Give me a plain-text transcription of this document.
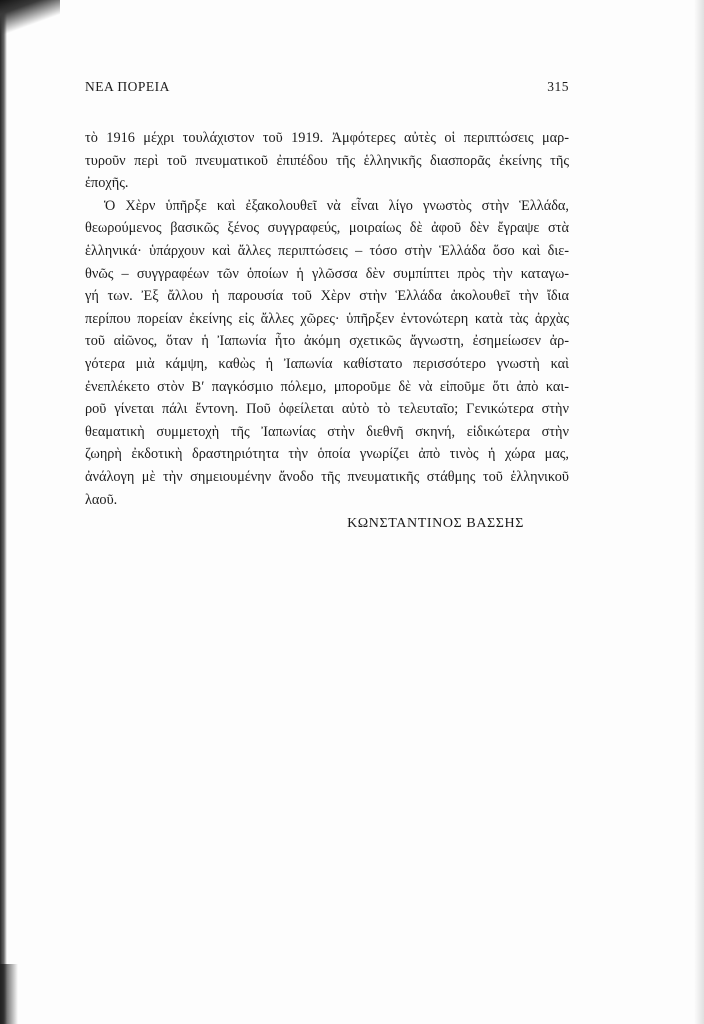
ΝΕΑ ΠΟΡΕΙΑ	315
τὸ 1916 μέχρι τουλάχιστον τοῦ 1919. Ἀμφότερες αὐτὲς οἱ περιπτώσεις μαρ-
τυροῦν περὶ τοῦ πνευματικοῦ ἐπιπέδου τῆς ἑλληνικῆς διασπορᾶς ἐκείνης τῆς
ἐποχῆς.
Ὁ Χὲρν ὑπῆρξε καὶ ἐξακολουθεῖ νὰ εἶναι λίγο γνωστὸς στὴν Ἑλλάδα,
θεωρούμενος βασικῶς ξένος συγγραφεύς, μοιραίως δὲ ἀφοῦ δὲν ἔγραψε στὰ
ἑλληνικά· ὑπάρχουν καὶ ἄλλες περιπτώσεις – τόσο στὴν Ἑλλάδα ὅσο καὶ διε-
θνῶς – συγγραφέων τῶν ὁποίων ἡ γλῶσσα δὲν συμπίπτει πρὸς τὴν καταγω-
γή των. Ἐξ ἄλλου ἡ παρουσία τοῦ Χὲρν στὴν Ἑλλάδα ἀκολουθεῖ τὴν ἴδια
περίπου πορείαν ἐκείνης εἰς ἄλλες χῶρες· ὑπῆρξεν ἐντονώτερη κατὰ τὰς ἀρχὰς
τοῦ αἰῶνος, ὅταν ἡ Ἰαπωνία ἦτο ἀκόμη σχετικῶς ἄγνωστη, ἐσημείωσεν ἀρ-
γότερα μιὰ κάμψη, καθὼς ἡ Ἰαπωνία καθίστατο περισσότερο γνωστὴ καὶ
ἐνεπλέκετο στὸν Β′ παγκόσμιο πόλεμο, μποροῦμε δὲ νὰ εἰποῦμε ὅτι ἀπὸ και-
ροῦ γίνεται πάλι ἔντονη. Ποῦ ὀφείλεται αὐτὸ τὸ τελευταῖο; Γενικώτερα στὴν
θεαματικὴ συμμετοχὴ τῆς Ἰαπωνίας στὴν διεθνῆ σκηνή, εἰδικώτερα στὴν
ζωηρὴ ἐκδοτικὴ δραστηριότητα τὴν ὁποία γνωρίζει ἀπὸ τινὸς ἡ χώρα μας,
ἀνάλογη μὲ τὴν σημειουμένην ἄνοδο τῆς πνευματικῆς στάθμης τοῦ ἑλληνικοῦ
λαοῦ.
ΚΩΝΣΤΑΝΤΙΝΟΣ ΒΑΣΣΗΣ
